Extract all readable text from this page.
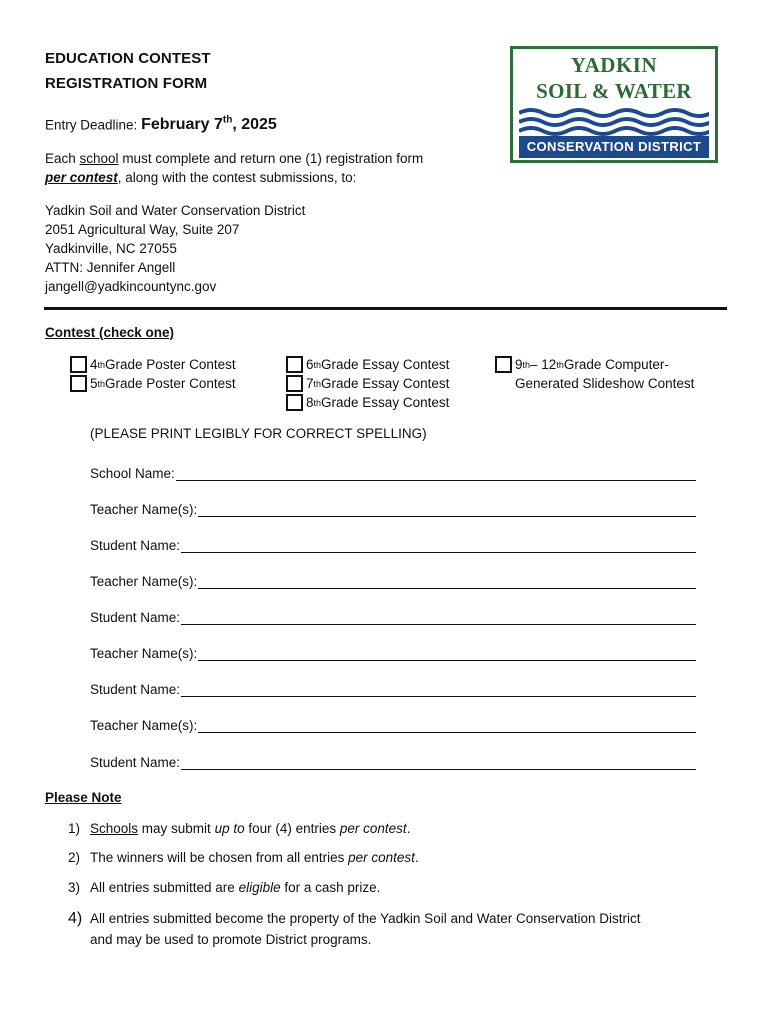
EDUCATION CONTEST
REGISTRATION FORM
Entry Deadline: February 7th, 2025
Each school must complete and return one (1) registration form
per contest, along with the contest submissions, to:
Yadkin Soil and Water Conservation District
2051 Agricultural Way, Suite 207
Yadkinville, NC 27055
ATTN: Jennifer Angell
jangell@yadkincountync.gov
YADKIN
SOIL & WATER
CONSERVATION DISTRICT
Contest (check one)
4 th Grade Poster Contest
5 th Grade Poster Contest
6 th Grade Essay Contest
7 th Grade Essay Contest
8 th Grade Essay Contest
9 th – 12 th Grade Computer-
Generated Slideshow Contest
(PLEASE PRINT LEGIBLY FOR CORRECT SPELLING)
School Name:
Teacher Name(s):
Student Name:
Teacher Name(s):
Student Name:
Teacher Name(s):
Student Name:
Teacher Name(s):
Student Name:
Please Note
1) Schools may submit up to four (4) entries per contest.
2) The winners will be chosen from all entries per contest.
3) All entries submitted are eligible for a cash prize.
4) All entries submitted become the property of the Yadkin Soil and Water Conservation District
and may be used to promote District programs.
